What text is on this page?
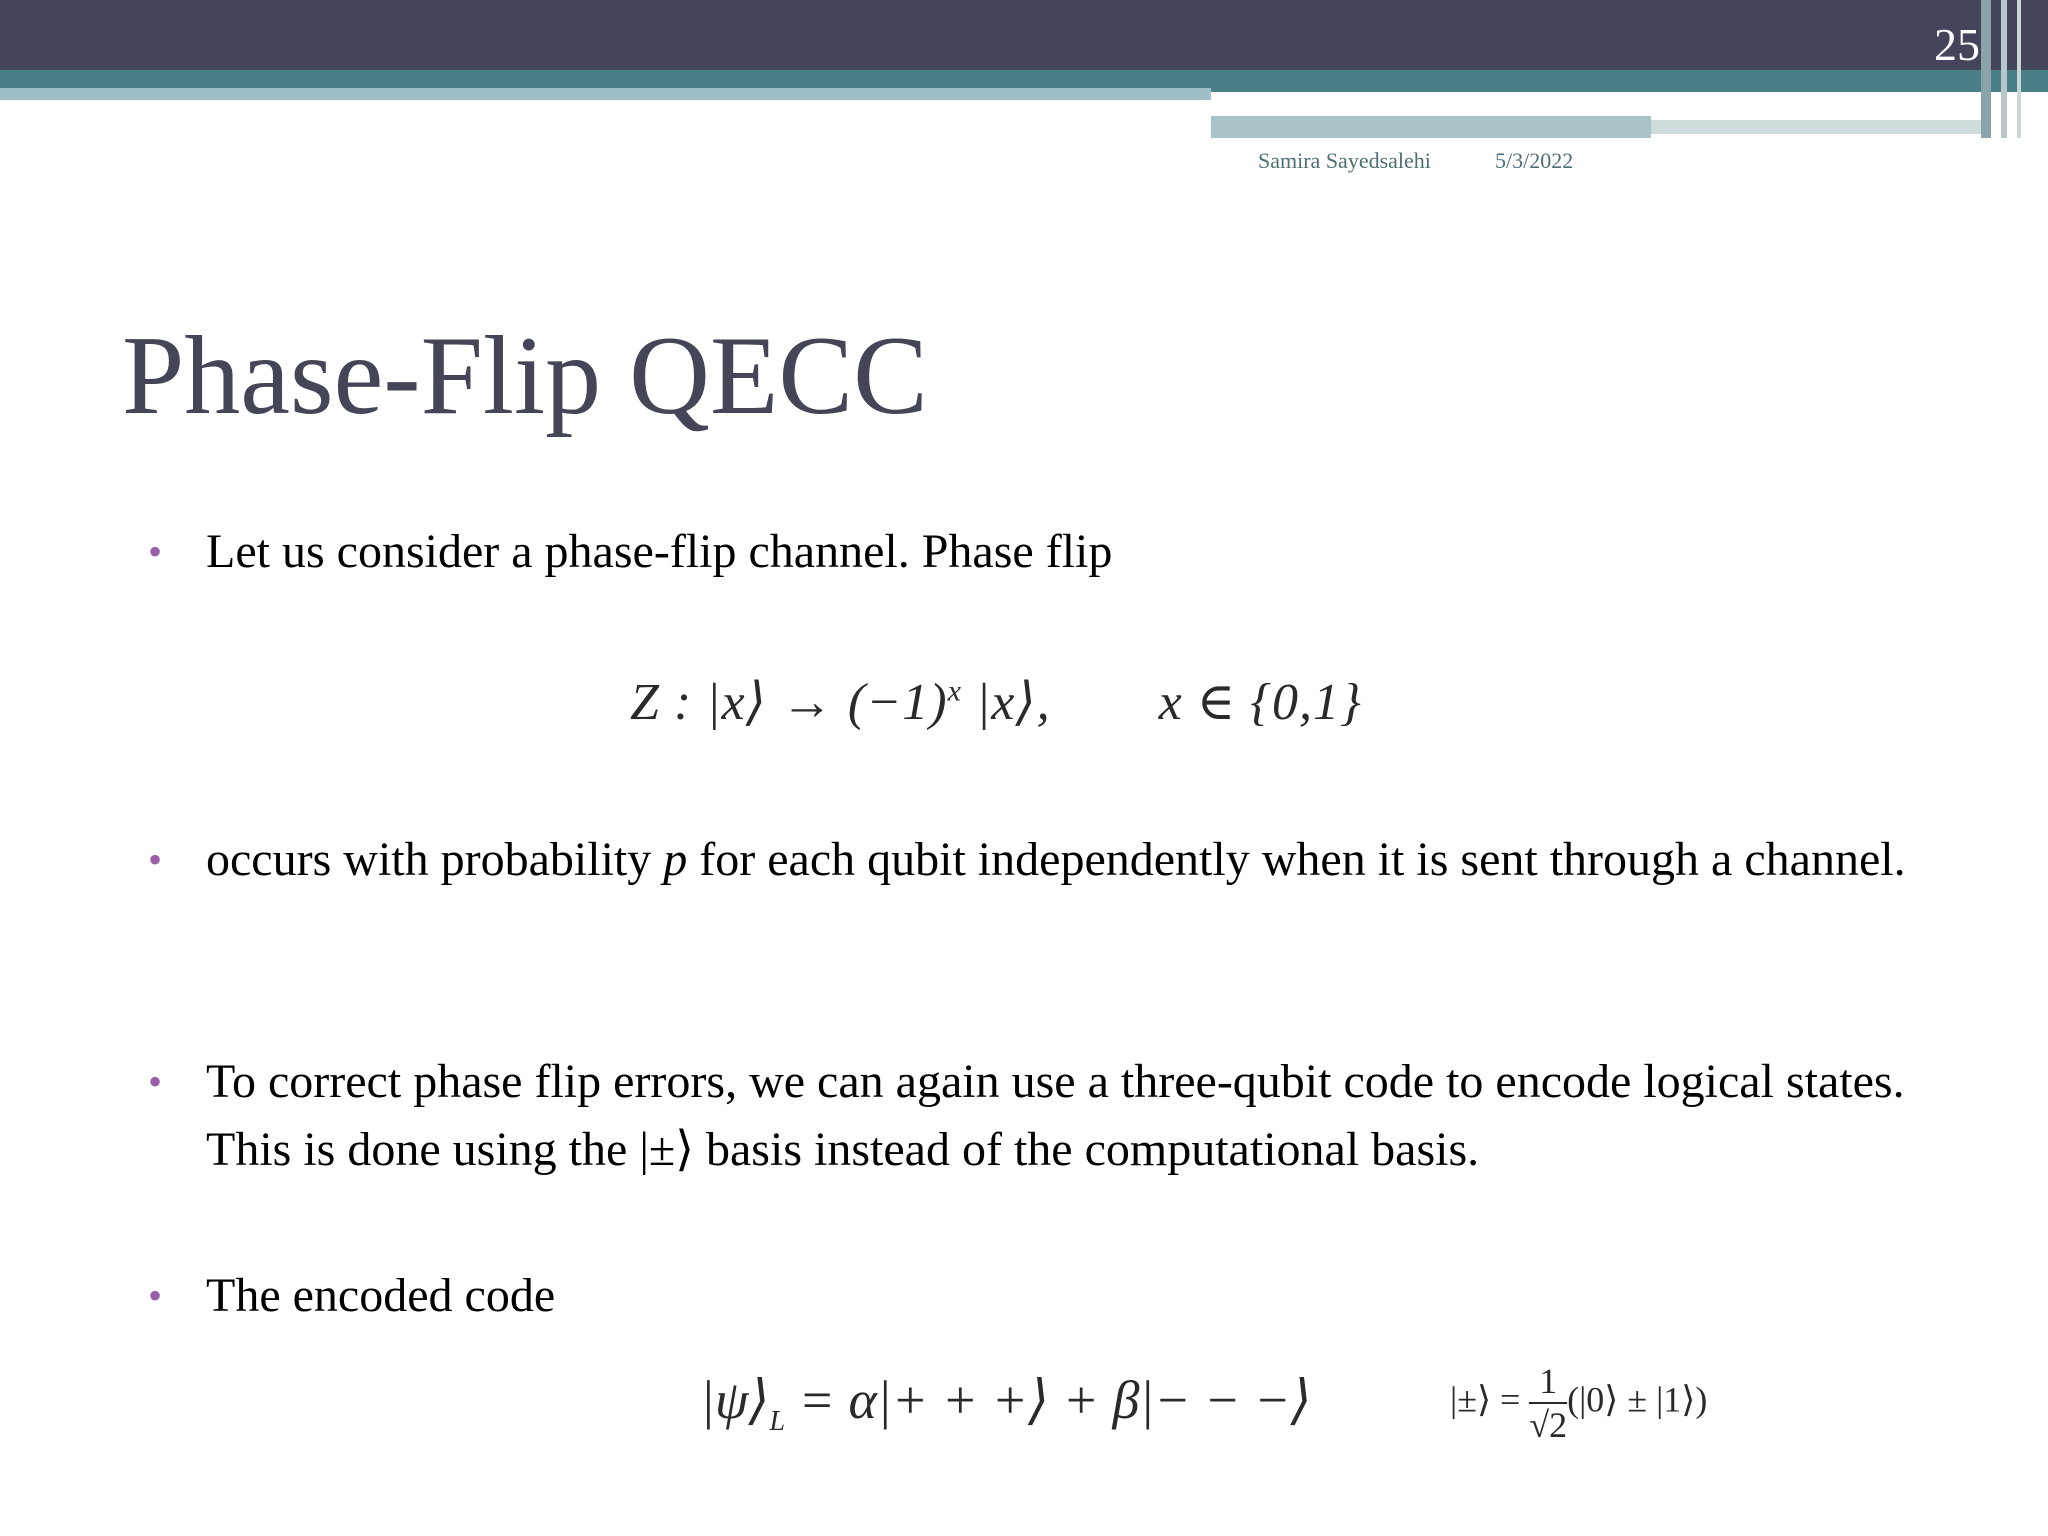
25
Samira Sayedsalehi	5/3/2022
Phase-Flip QECC
• Let us consider a phase-flip channel. Phase flip
Z : |x⟩ → $(-1)^x$ |x⟩, x ∈ {0,1}
• occurs with probability p for each qubit independently when it is sent through a channel.
• To correct phase flip errors, we can again use a three-qubit code to encode logical states. This is done using the |±⟩ basis instead of the computational basis.
• The encoded code
$|\psi⟩_L = \alpha|+$ + +⟩ + β|− − −⟩	|±⟩ = $\frac{1}{√2}$ (|0⟩ ± |1⟩)
